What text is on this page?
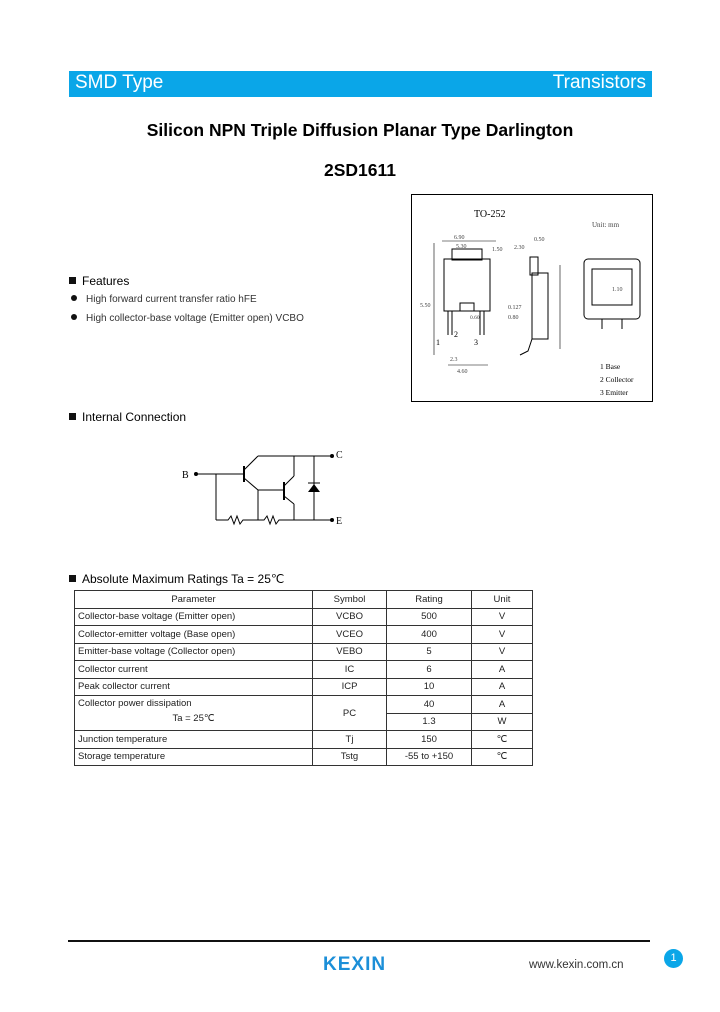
SMD Type	Transistors
Silicon NPN Triple Diffusion Planar Type Darlington
2SD1611
Features
High forward current transfer ratio hFE
High collector-base voltage (Emitter open) VCBO
TO-252
Unit: mm
6.90
5.30	1.50
5.50
0.60
2.3
4.60
1
2
3
2.30
0.50
0.127
0.80
1.10
1 Base
2 Collector
3 Emitter
Internal Connection
B
C
E
Absolute Maximum Ratings Ta = 25℃
Parameter	Symbol	Rating	Unit
Collector-base voltage (Emitter open)	VCBO	500	V
Collector-emitter voltage (Base open)	VCEO	400	V
Emitter-base voltage (Collector open)	VEBO	5	V
Collector current	IC	6	A
Peak collector current	ICP	10	A

Collector power dissipation
Ta = 25℃	PC	40	A
		1.3	W
Junction temperature	Tj	150	℃
Storage temperature	Tstg	-55 to +150	℃
KEXIN	www.kexin.com.cn
1
